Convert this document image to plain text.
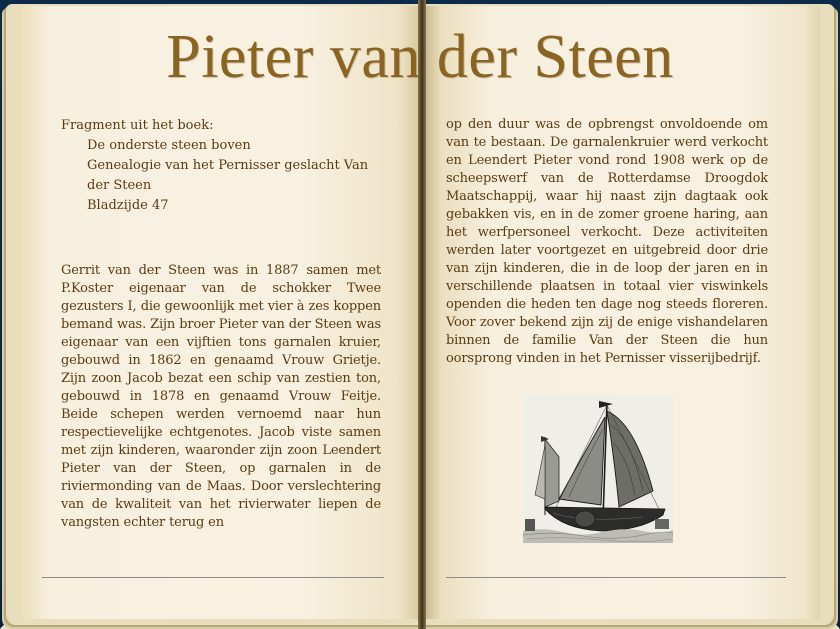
Pieter van der Steen
Fragment uit het boek:
De onderste steen boven
Genealogie van het Pernisser geslacht Van der Steen
Bladzijde 47

Gerrit van der Steen was in 1887 samen met P.Koster eigenaar van de schokker Twee gezusters I, die gewoonlijk met vier à zes koppen bemand was. Zijn broer Pieter van der Steen was eigenaar van een vijftien tons garnalen kruier, gebouwd in 1862 en genaamd Vrouw Grietje. Zijn zoon Jacob bezat een schip van zestien ton, gebouwd in 1878 en genaamd Vrouw Feitje. Beide schepen werden vernoemd naar hun respectievelijke echtgenotes. Jacob viste samen met zijn kinderen, waaronder zijn zoon Leendert Pieter van der Steen, op garnalen in de riviermonding van de Maas. Door verslechtering van de kwaliteit van het rivierwater liepen de vangsten echter terug en

op den duur was de opbrengst onvoldoende om van te bestaan. De garnalenkruier werd verkocht en Leendert Pieter vond rond 1908 werk op de scheepswerf van de Rotterdamse Droogdok Maatschappij, waar hij naast zijn dagtaak ook gebakken vis, en in de zomer groene haring, aan het werfpersoneel verkocht. Deze activiteiten werden later voortgezet en uitgebreid door drie van zijn kinderen, die in de loop der jaren en in verschillende plaatsen in totaal vier viswinkels openden die heden ten dage nog steeds floreren. Voor zover bekend zijn zij de enige vishandelaren binnen de familie Van der Steen die hun oorsprong vinden in het Pernisser visserijbedrijf.
